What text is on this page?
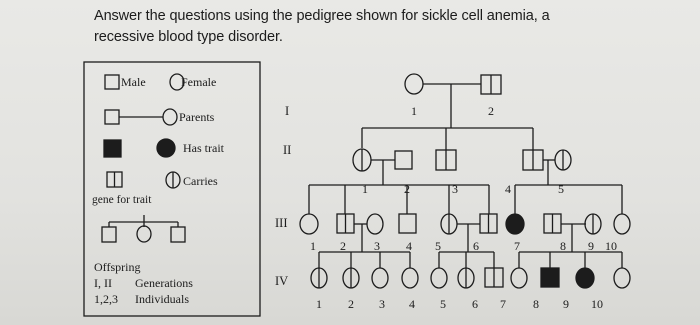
Answer the questions using the pedigree shown for sickle cell anemia, a
recessive blood type disorder.
Male	Female
Parents
Has trait
Carries
gene for trait
Offspring
I, II Generations
1,2,3 Individuals
I
II
III
IV
1	2
1	2	3	4	5
1 2 3 4 5	6	7	8 9 10
1 2 3 4 5 6 7 8 9 10
